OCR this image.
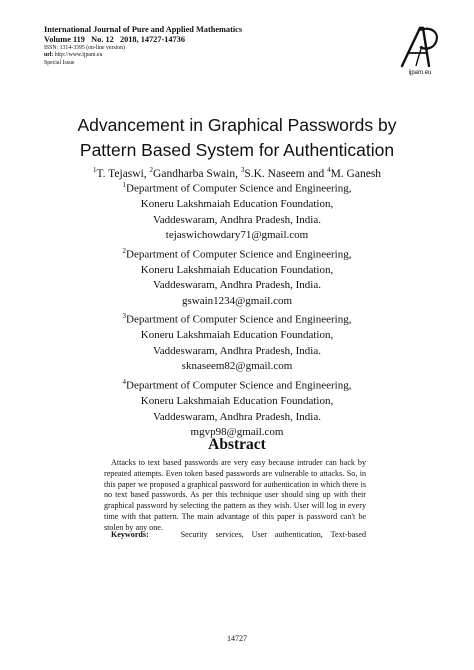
International Journal of Pure and Applied Mathematics

Volume 119   No. 12   2018, 14727-14736

ISSN: 1314-3395 (on-line version)

url: http://www.ijpam.eu

Special Issue

ijpam.eu
Advancement in Graphical Passwords by
Pattern Based System for Authentication
$^1$T. Tejaswi, $^2$Gandharba Swain, $^3$S.K. Naseem and $^4$M. Ganesh

$^1$Department of Computer Science and Engineering,

Koneru Lakshmaiah Education Foundation,

Vaddeswaram, Andhra Pradesh, India.

tejaswichowdary71@gmail.com

$^2$Department of Computer Science and Engineering,

Koneru Lakshmaiah Education Foundation,

Vaddeswaram, Andhra Pradesh, India.

gswain1234@gmail.com

$^3$Department of Computer Science and Engineering,

Koneru Lakshmaiah Education Foundation,

Vaddeswaram, Andhra Pradesh, India.

sknaseem82@gmail.com

$^4$Department of Computer Science and Engineering,

Koneru Lakshmaiah Education Foundation,

Vaddeswaram, Andhra Pradesh, India.

mgvp98@gmail.com

Abstract

Attacks to text based passwords are very easy because intruder can hack by repeated attempts. Even token based passwords are vulnerable to attacks. So, in this paper we proposed a graphical password for authentication in which there is no text based passwords. As per this technique user should sing up with their graphical password by selecting the pattern as they wish. User will log in every time with that pattern. The main advantage of this paper is password can't be stolen by any one.

Keywords:	Security services, User authentication, Text-based

14727
